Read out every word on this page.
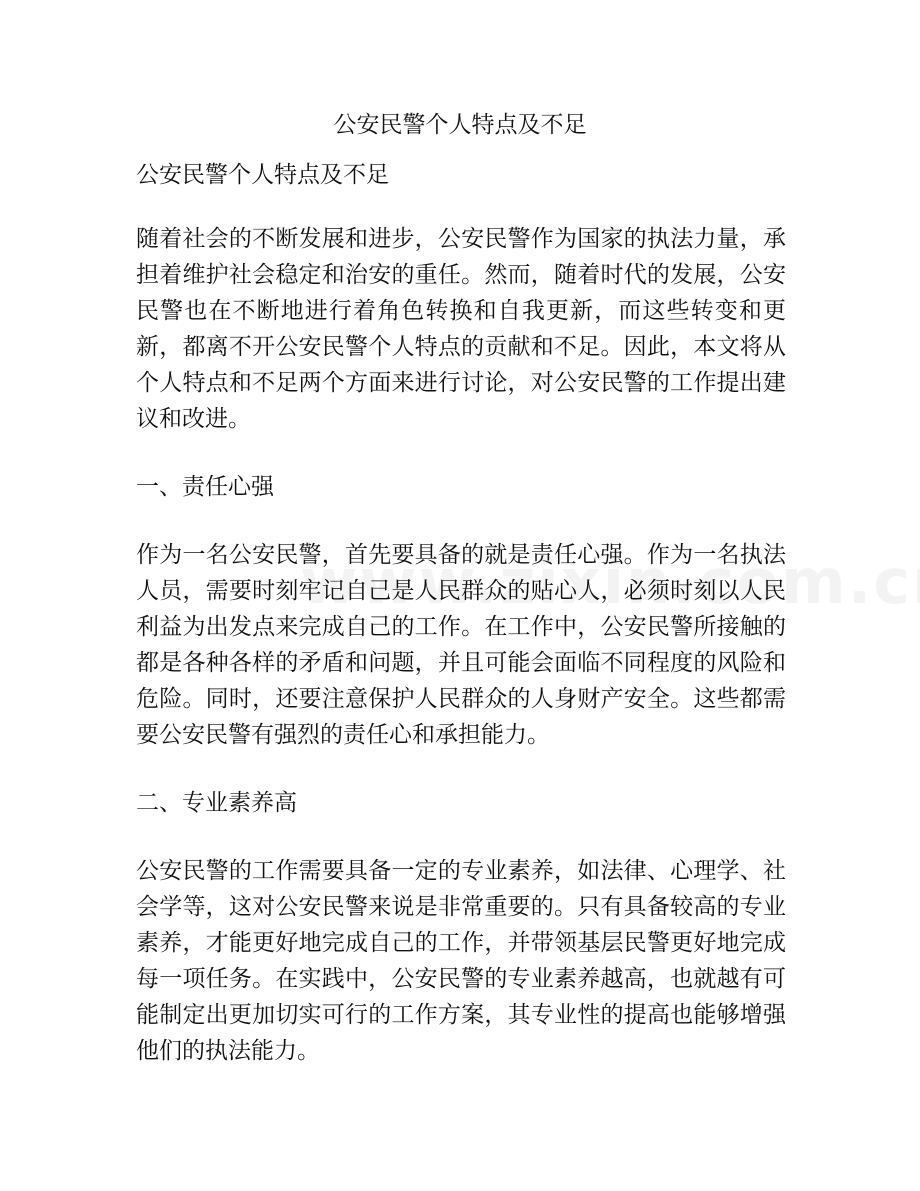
公安民警个人特点及不足

公安民警个人特点及不足

随着社会的不断发展和进步，公安民警作为国家的执法力量，承担着维护社会稳定和治安的重任。然而，随着时代的发展，公安民警也在不断地进行着角色转换和自我更新，而这些转变和更新，都离不开公安民警个人特点的贡献和不足。因此，本文将从个人特点和不足两个方面来进行讨论，对公安民警的工作提出建议和改进。

一、责任心强

作为一名公安民警，首先要具备的就是责任心强。作为一名执法人员，需要时刻牢记自己是人民群众的贴心人，必须时刻以人民利益为出发点来完成自己的工作。在工作中，公安民警所接触的都是各种各样的矛盾和问题，并且可能会面临不同程度的风险和危险。同时，还要注意保护人民群众的人身财产安全。这些都需要公安民警有强烈的责任心和承担能力。

二、专业素养高

公安民警的工作需要具备一定的专业素养，如法律、心理学、社会学等，这对公安民警来说是非常重要的。只有具备较高的专业素养，才能更好地完成自己的工作，并带领基层民警更好地完成每一项任务。在实践中，公安民警的专业素养越高，也就越有可能制定出更加切实可行的工作方案，其专业性的提高也能够增强他们的执法能力。
